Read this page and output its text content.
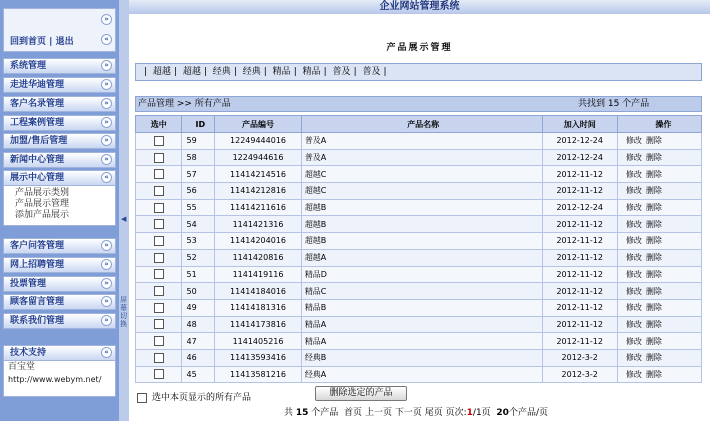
»
«
回到首页 | 退出
系统管理	»
走进华迪管理	»
客户名录管理	»
工程案例管理	»
加盟/售后管理	»
新闻中心管理	»
展示中心管理	«
产品展示类别
产品展示管理
添加产品展示
客户问答管理	»
网上招聘管理	»
投票管理	»
顾客留言管理	»
联系我们管理	»
技术支持	«
百宝堂
http://www.webym.net/
◀
屏幕切换
企业网站管理系统
产品展示管理
| 超越 | 超越 | 经典 | 经典 | 精品 | 精品 | 普及 | 普及 |
产品管理 >> 所有产品	共找到 15 个产品
选中	ID	产品编号	产品名称	加入时间	操作
	59	12249444016	普及A	2012-12-24	修改 删除
	58	1224944616	普及A	2012-12-24	修改 删除
	57	11414214516	超越C	2012-11-12	修改 删除
	56	11414212816	超越C	2012-11-12	修改 删除
	55	11414211616	超越B	2012-12-24	修改 删除
	54	1141421316	超越B	2012-11-12	修改 删除
	53	11414204016	超越B	2012-11-12	修改 删除
	52	1141420816	超越A	2012-11-12	修改 删除
	51	1141419116	精品D	2012-11-12	修改 删除
	50	11414184016	精品C	2012-11-12	修改 删除
	49	11414181316	精品B	2012-11-12	修改 删除
	48	11414173816	精品A	2012-11-12	修改 删除
	47	1141405216	精品A	2012-11-12	修改 删除
	46	11413593416	经典B	2012-3-2	修改 删除
	45	11413581216	经典A	2012-3-2	修改 删除
选中本页显示的所有产品	删除选定的产品
共 15 个产品 首页 上一页 下一页 尾页 页次:1/1页 20个产品/页
